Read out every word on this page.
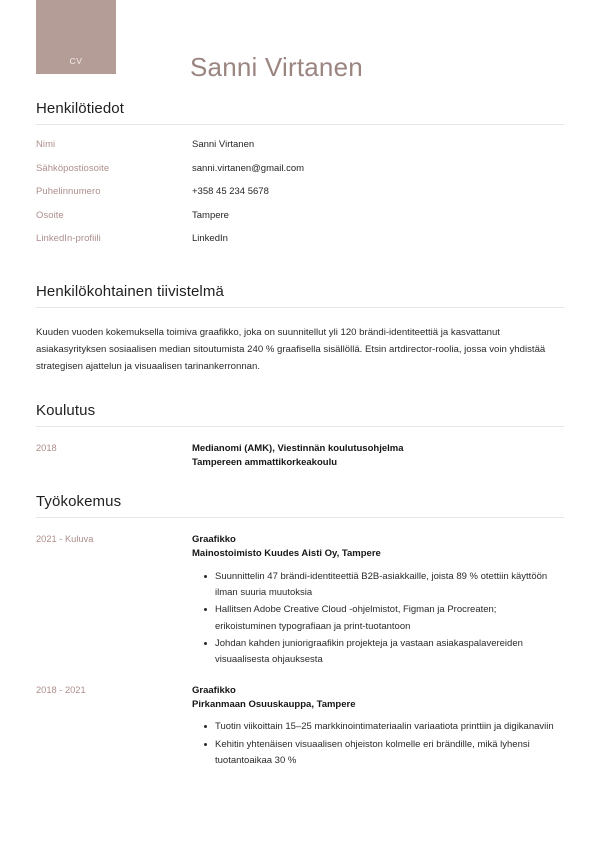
CV	Sanni Virtanen
Henkilötiedot
Nimi	Sanni Virtanen
Sähköpostiosoite	sanni.virtanen@gmail.com
Puhelinnumero	+358 45 234 5678
Osoite	Tampere
LinkedIn-profiili	LinkedIn
Henkilökohtainen tiivistelmä
Kuuden vuoden kokemuksella toimiva graafikko, joka on suunnitellut yli 120 brändi-identiteettiä ja kasvattanut asiakasyrityksen sosiaalisen median sitoutumista 240 % graafisella sisällöllä. Etsin artdirector-roolia, jossa voin yhdistää strategisen ajattelun ja visuaalisen tarinankerronnan.
Koulutus
2018	Medianomi (AMK), Viestinnän koulutusohjelma
Tampereen ammattikorkeakoulu
Työkokemus
2021 - Kuluva	Graafikko
Mainostoimisto Kuudes Aisti Oy, Tampere
Suunnittelin 47 brändi-identiteettiä B2B-asiakkaille, joista 89 % otettiin käyttöön ilman suuria muutoksia
Hallitsen Adobe Creative Cloud -ohjelmistot, Figman ja Procreaten; erikoistuminen typografiaan ja print-tuotantoon
Johdan kahden juniorigraafikin projekteja ja vastaan asiakaspalavereiden visuaalisesta ohjauksesta
2018 - 2021	Graafikko
Pirkanmaan Osuuskauppa, Tampere
Tuotin viikoittain 15–25 markkinointimateriaalin variaatiota printtiin ja digikanaviin
Kehitin yhtenäisen visuaalisen ohjeiston kolmelle eri brändille, mikä lyhensi tuotantoaikaa 30 %
